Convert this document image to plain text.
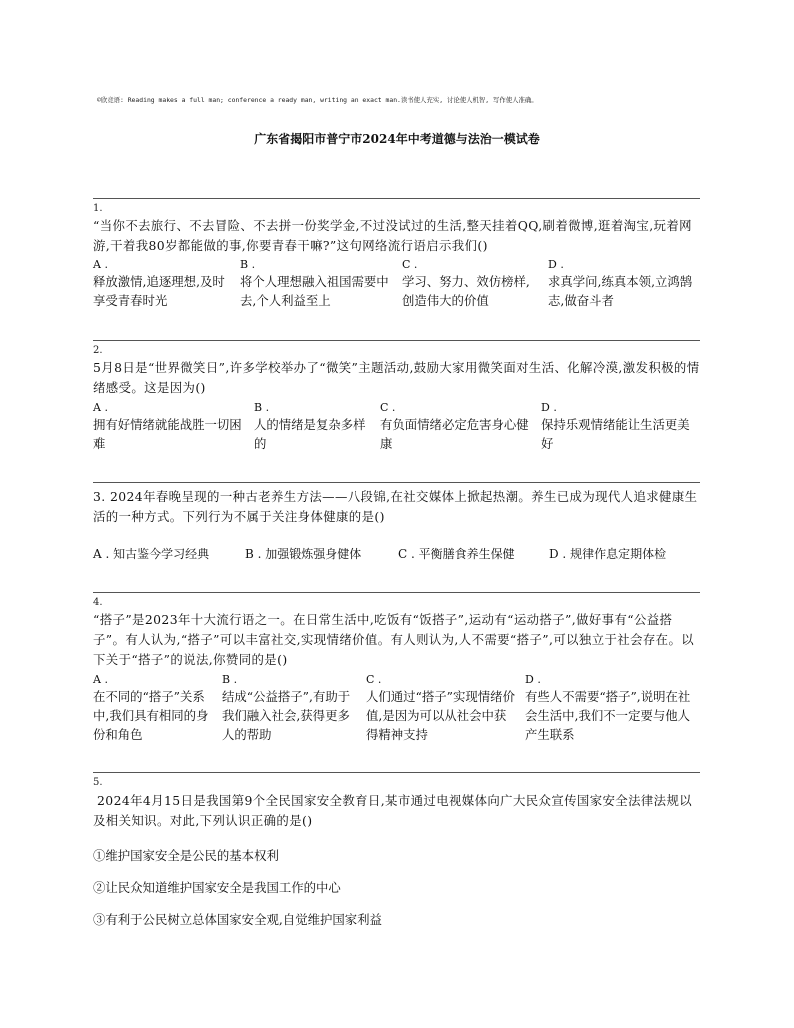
©欣竞语: Reading makes a full man; conference a ready man, writing an exact man.读书使人充实, 讨论使人机智, 写作使人准确。
广东省揭阳市普宁市2024年中考道德与法治一模试卷
1.
“当你不去旅行、不去冒险、不去拼一份奖学金,不过没试过的生活,整天挂着QQ,刷着微博,逛着淘宝,玩着网游,干着我80岁都能做的事,你要青春干嘛?”这句网络流行语启示我们()
A .
释放激情,追逐理想,及时享受青春时光
B .
将个人理想融入祖国需要中去,个人利益至上
C .
学习、努力、效仿榜样,创造伟大的价值
D .
求真学问,练真本领,立鸿鹄志,做奋斗者
2.
5月8日是“世界微笑日”,许多学校举办了“微笑”主题活动,鼓励大家用微笑面对生活、化解冷漠,激发积极的情绪感受。这是因为()
A .
拥有好情绪就能战胜一切困难
B .
人的情绪是复杂多样的
C .
有负面情绪必定危害身心健康
D .
保持乐观情绪能让生活更美好
3. 2024年春晚呈现的一种古老养生方法——八段锦,在社交媒体上掀起热潮。养生已成为现代人追求健康生活的一种方式。下列行为不属于关注身体健康的是()
A . 知古鉴今学习经典	B . 加强锻炼强身健体	C . 平衡膳食养生保健	D . 规律作息定期体检
4.
“搭子”是2023年十大流行语之一。在日常生活中,吃饭有“饭搭子”,运动有“运动搭子”,做好事有“公益搭子”。有人认为,“搭子”可以丰富社交,实现情绪价值。有人则认为,人不需要“搭子”,可以独立于社会存在。以下关于“搭子”的说法,你赞同的是()
A .
在不同的“搭子”关系中,我们具有相同的身份和角色
B .
结成“公益搭子”,有助于我们融入社会,获得更多人的帮助
C .
人们通过“搭子”实现情绪价值,是因为可以从社会中获得精神支持
D .
有些人不需要“搭子”,说明在社会生活中,我们不一定要与他人产生联系
5.
2024年4月15日是我国第9个全民国家安全教育日,某市通过电视媒体向广大民众宣传国家安全法律法规以及相关知识。对此,下列认识正确的是()
①维护国家安全是公民的基本权利
②让民众知道维护国家安全是我国工作的中心
③有利于公民树立总体国家安全观,自觉维护国家利益
